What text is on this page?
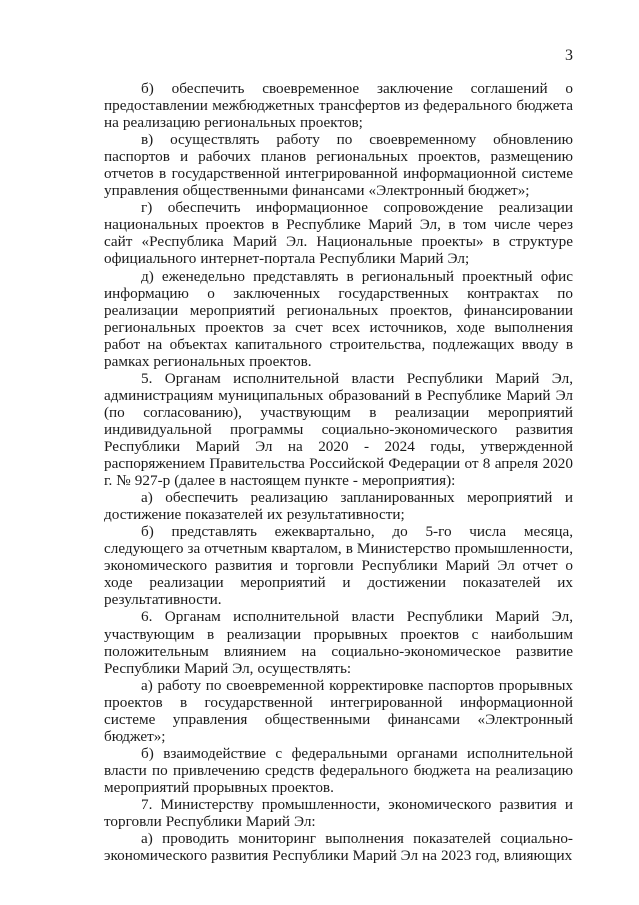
3

б) обеспечить своевременное заключение соглашений о предоставлении межбюджетных трансфертов из федерального бюджета на реализацию региональных проектов;

в) осуществлять работу по своевременному обновлению паспортов и рабочих планов региональных проектов, размещению отчетов в государственной интегрированной информационной системе управления общественными финансами «Электронный бюджет»;

г) обеспечить информационное сопровождение реализации национальных проектов в Республике Марий Эл, в том числе через сайт «Республика Марий Эл. Национальные проекты» в структуре официального интернет-портала Республики Марий Эл;

д) еженедельно представлять в региональный проектный офис информацию о заключенных государственных контрактах по реализации мероприятий региональных проектов, финансировании региональных проектов за счет всех источников, ходе выполнения работ на объектах капитального строительства, подлежащих вводу в рамках региональных проектов.

5. Органам исполнительной власти Республики Марий Эл, администрациям муниципальных образований в Республике Марий Эл (по согласованию), участвующим в реализации мероприятий индивидуальной программы социально-экономического развития Республики Марий Эл на 2020 - 2024 годы, утвержденной распоряжением Правительства Российской Федерации от 8 апреля 2020 г. № 927-р (далее в настоящем пункте - мероприятия):

а) обеспечить реализацию запланированных мероприятий и достижение показателей их результативности;

б) представлять ежеквартально, до 5-го числа месяца, следующего за отчетным кварталом, в Министерство промышленности, экономического развития и торговли Республики Марий Эл отчет о ходе реализации мероприятий и достижении показателей их результативности.

6. Органам исполнительной власти Республики Марий Эл, участвующим в реализации прорывных проектов с наибольшим положительным влиянием на социально-экономическое развитие Республики Марий Эл, осуществлять:

а) работу по своевременной корректировке паспортов прорывных проектов в государственной интегрированной информационной системе управления общественными финансами «Электронный бюджет»;

б) взаимодействие с федеральными органами исполнительной власти по привлечению средств федерального бюджета на реализацию мероприятий прорывных проектов.

7. Министерству промышленности, экономического развития и торговли Республики Марий Эл:

а) проводить мониторинг выполнения показателей социально-экономического развития Республики Марий Эл на 2023 год, влияющих
